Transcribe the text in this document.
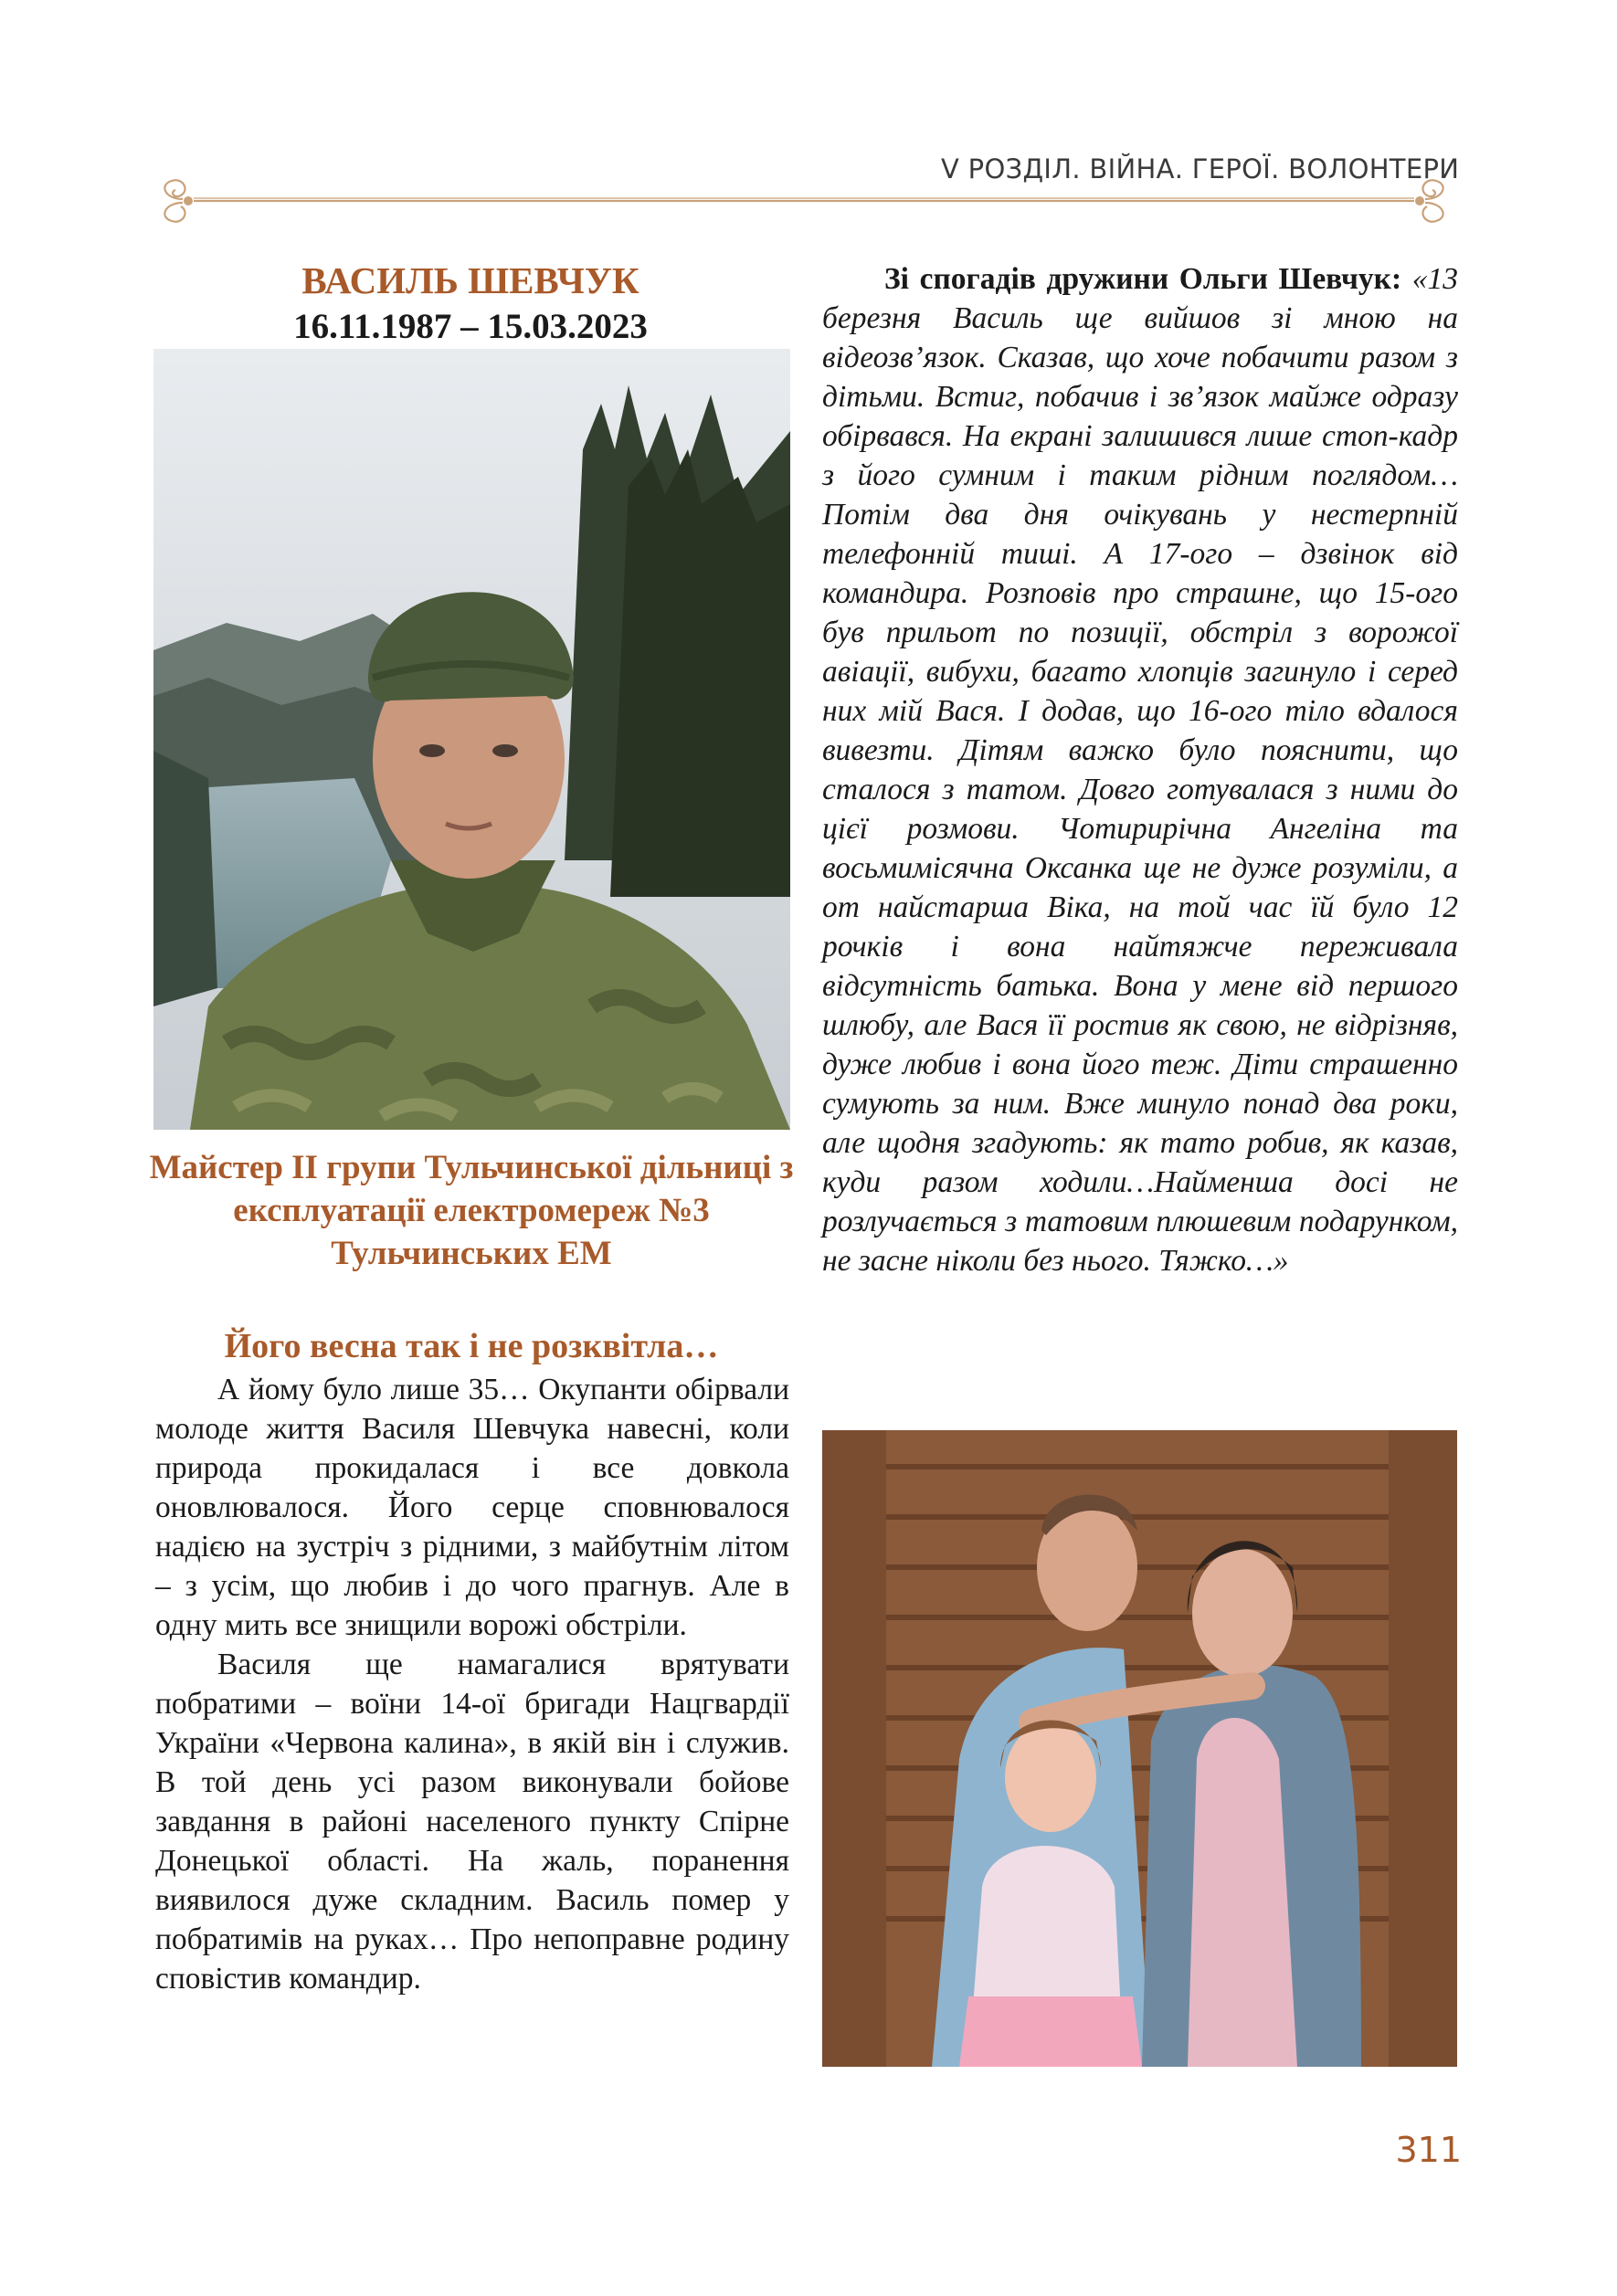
V РОЗДІЛ. ВІЙНА. ГЕРОЇ. ВОЛОНТЕРИ
ВАСИЛЬ ШЕВЧУК
16.11.1987 – 15.03.2023
Майстер ІІ групи Тульчинської дільниці з експлуатації електромереж №3 Тульчинських ЕМ
Його весна так і не розквітла…

А йому було лише 35… Окупанти обірвали молоде життя Василя Шевчука навесні, коли природа прокидалася і все довкола оновлювалося. Його серце сповнювалося надією на зустріч з рідними, з майбутнім літом – з усім, що любив і до чого прагнув. Але в одну мить все знищили ворожі обстріли.

Василя ще намагалися врятувати побратими – воїни 14-ої бригади Нацгвардії України «Червона калина», в якій він і служив. В той день усі разом виконували бойове завдання в районі населеного пункту Спірне Донецької області. На жаль, поранення виявилося дуже складним. Василь помер у побратимів на руках… Про непоправне родину сповістив командир.

Зі спогадів дружини Ольги Шевчук: «13 березня Василь ще вийшов зі мною на відеозв’язок. Сказав, що хоче побачити разом з дітьми. Встиг, побачив і зв’язок майже одразу обірвався. На екрані залишився лише стоп-кадр з його сумним і таким рідним поглядом… Потім два дня очікувань у нестерпній телефонній тиші. А 17-ого – дзвінок від командира. Розповів про страшне, що 15-ого був прильот по позиції, обстріл з ворожої авіації, вибухи, багато хлопців загинуло і серед них мій Вася. І додав, що 16-ого тіло вдалося вивезти. Дітям важко було пояснити, що сталося з татом. Довго готувалася з ними до цієї розмови. Чотирирічна Ангеліна та восьмимісячна Оксанка ще не дуже розуміли, а от найстарша Віка, на той час їй було 12 рочків і вона найтяжче переживала відсутність батька. Вона у мене від першого шлюбу, але Вася її ростив як свою, не відрізняв, дуже любив і вона його теж. Діти страшенно сумують за ним. Вже минуло понад два роки, але щодня згадують: як тато робив, як казав, куди разом ходили…Найменша досі не розлучається з татовим плюшевим подарунком, не засне ніколи без нього. Тяжко…»

311
